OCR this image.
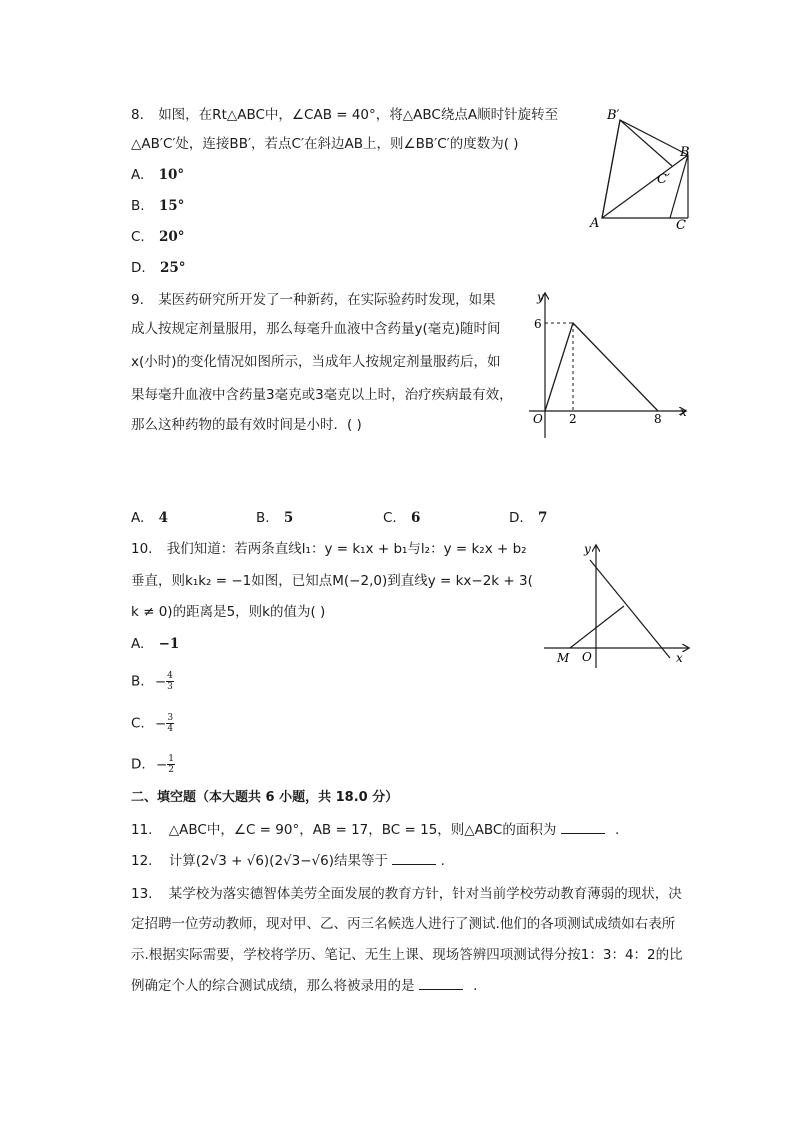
8. 如图，在Rt△ABC中，∠CAB = 40°，将△ABC绕点A顺时针旋转至
△AB′C′处，连接BB′，若点C′在斜边AB上，则∠BB′C′的度数为( )
A. 10°
B. 15°
C. 20°
D. 25°
B′
B
C′
A	C
9. 某医药研究所开发了一种新药，在实际验药时发现，如果
成人按规定剂量服用，那么每毫升血液中含药量y(毫克)随时间
x(小时)的变化情况如图所示，当成年人按规定剂量服药后，如
果每毫升血液中含药量3毫克或3毫克以上时，治疗疾病最有效，
那么这种药物的最有效时间是小时．( )
y
x
O
6
2	8
A. 4	B. 5	C. 6	D. 7
10. 我们知道：若两条直线l₁：y = k₁x + b₁与l₂：y = k₂x + b₂
垂直，则k₁k₂ = −1如图，已知点M(−2,0)到直线y = kx−2k + 3(
k ≠ 0)的距离是5，则k的值为( )
A. −1
B. − $\frac{4}{3}$
C. − $\frac{3}{4}$
D. − $\frac{1}{2}$
y
x
O
M
二、填空题（本大题共 6 小题，共 18.0 分）
11. △ABC中，∠C = 90°，AB = 17，BC = 15，则△ABC的面积为	.
12. 计算(2√3 + √6)(2√3−√6)结果等于	.
13. 某学校为落实德智体美劳全面发展的教育方针，针对当前学校劳动教育薄弱的现状，决
定招聘一位劳动教师，现对甲、乙、丙三名候选人进行了测试.他们的各项测试成绩如右表所
示.根据实际需要，学校将学历、笔记、无生上课、现场答辨四项测试得分按1：3：4：2的比
例确定个人的综合测试成绩，那么将被录用的是	.
